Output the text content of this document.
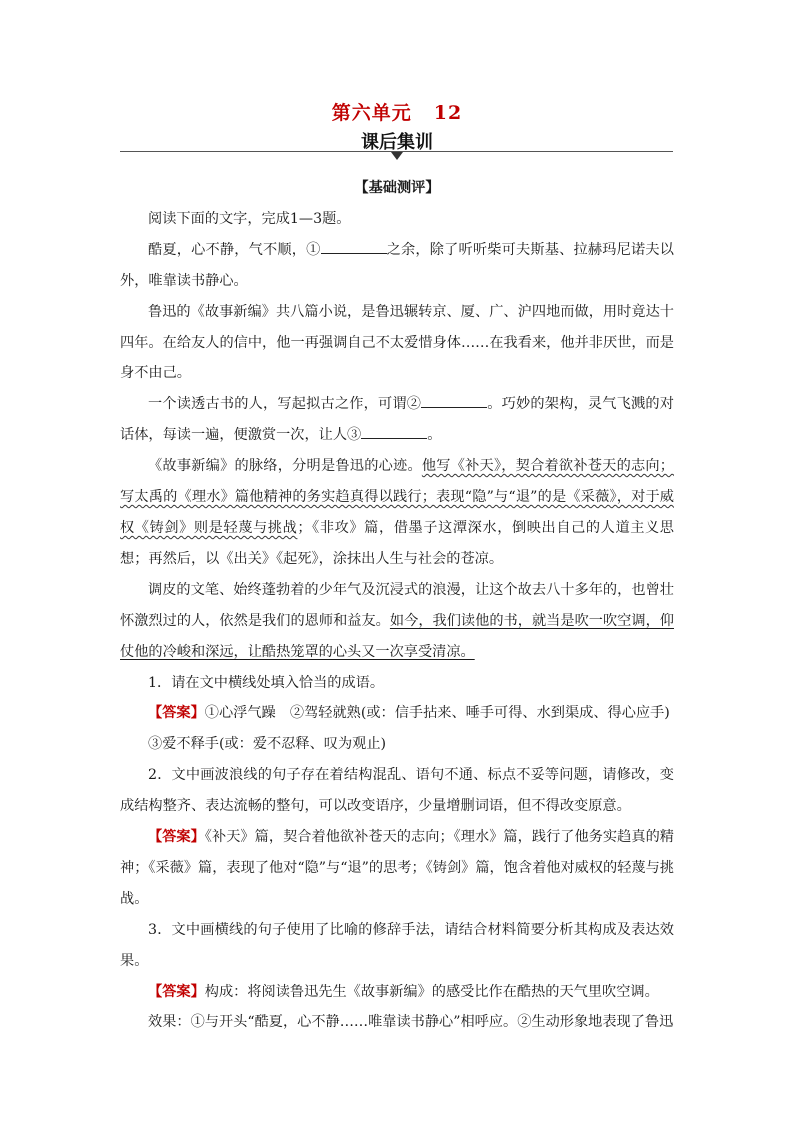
第六单元 12
课后集训

【基础测评】

阅读下面的文字，完成1—3题。

酷夏，心不静，气不顺，①	之余，除了听听柴可夫斯基、拉赫玛尼诺夫以外，唯靠读书静心。

鲁迅的《故事新编》共八篇小说，是鲁迅辗转京、厦、广、沪四地而做，用时竟达十四年。在给友人的信中，他一再强调自己不太爱惜身体……在我看来，他并非厌世，而是身不由己。

一个读透古书的人，写起拟古之作，可谓②	。巧妙的架构，灵气飞溅的对话体，每读一遍，便激赏一次，让人③	。

《故事新编》的脉络，分明是鲁迅的心迹。他写《补天》，契合着欲补苍天的志向；写太禹的《理水》篇他精神的务实趋真得以践行；表现“隐”与“退”的是《采薇》，对于威权《铸剑》则是轻蔑与挑战；《非攻》篇，借墨子这潭深水，倒映出自己的人道主义思想；再然后，以《出关》《起死》，涂抹出人生与社会的苍凉。

调皮的文笔、始终蓬勃着的少年气及沉浸式的浪漫，让这个故去八十多年的，也曾壮怀激烈过的人，依然是我们的恩师和益友。如今，我们读他的书，就当是吹一吹空调，仰仗他的冷峻和深远，让酷热笼罩的心头又一次享受清凉。

1．请在文中横线处填入恰当的成语。

【答案】①心浮气躁　②驾轻就熟(或：信手拈来、唾手可得、水到渠成、得心应手)

③爱不释手(或：爱不忍释、叹为观止)

2．文中画波浪线的句子存在着结构混乱、语句不通、标点不妥等问题，请修改，变成结构整齐、表达流畅的整句，可以改变语序，少量增删词语，但不得改变原意。

【答案】《补天》篇，契合着他欲补苍天的志向；《理水》篇，践行了他务实趋真的精神；《采薇》篇，表现了他对“隐”与“退”的思考；《铸剑》篇，饱含着他对威权的轻蔑与挑战。

3．文中画横线的句子使用了比喻的修辞手法，请结合材料简要分析其构成及表达效果。

【答案】构成：将阅读鲁迅先生《故事新编》的感受比作在酷热的天气里吹空调。

效果：①与开头“酷夏，心不静……唯靠读书静心”相呼应。②生动形象地表现了鲁迅
